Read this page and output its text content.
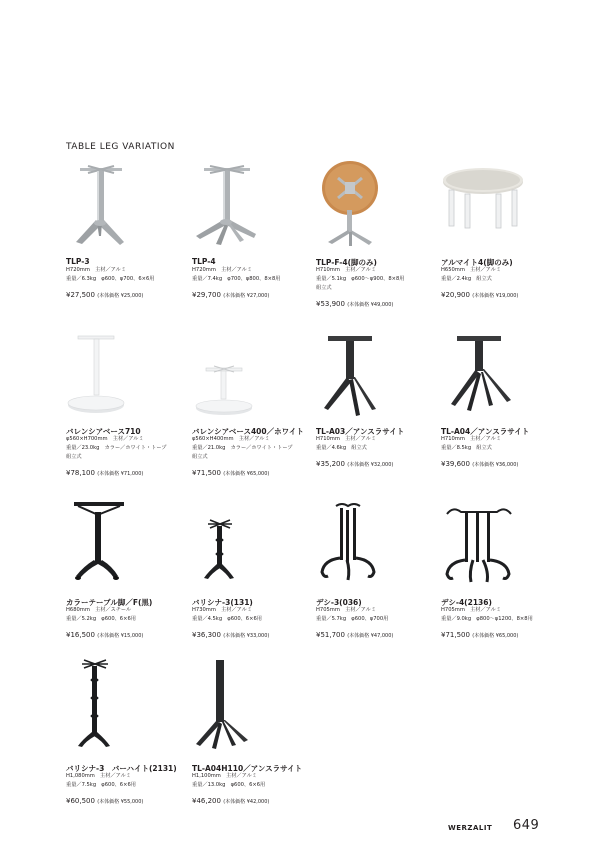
TABLE LEG VARIATION
TLP-3
H720mm　主材／アルミ
重量／6.3kg　φ600、φ700、6×6用
¥27,500 (本体価格 ¥25,000)
TLP-4
H720mm　主材／アルミ
重量／7.4kg　φ700、φ800、8×8用
¥29,700 (本体価格 ¥27,000)
TLP-F-4(脚のみ)
H710mm　主材／アルミ
重量／5.1kg　φ600〜φ900、8×8用
組立式
¥53,900 (本体価格 ¥49,000)
アルマイト4(脚のみ)
H650mm　主材／アルミ
重量／2.4kg　組立式
¥20,900 (本体価格 ¥19,000)
バレンシアベース710
φ560×H700mm　主材／アルミ
重量／23.0kg　カラー／ホワイト・トープ
組立式
¥78,100 (本体価格 ¥71,000)
バレンシアベース400／ホワイト
φ560×H400mm　主材／アルミ
重量／21.0kg　カラー／ホワイト・トープ
組立式
¥71,500 (本体価格 ¥65,000)
TL-A03／アンスラサイト
H710mm　主材／アルミ
重量／4.6kg　組立式
¥35,200 (本体価格 ¥32,000)
TL-A04／アンスラサイト
H710mm　主材／アルミ
重量／8.5kg　組立式
¥39,600 (本体価格 ¥36,000)
カラーテーブル脚／F(黒)
H680mm　主材／スチール
重量／5.2kg　φ600、6×6用
¥16,500 (本体価格 ¥15,000)
バリシナ-3(131)
H730mm　主材／アルミ
重量／4.5kg　φ600、6×6用
¥36,300 (本体価格 ¥33,000)
デシ-3(036)
H705mm　主材／アルミ
重量／5.7kg　φ600、φ700用
¥51,700 (本体価格 ¥47,000)
デシ-4(2136)
H705mm　主材／アルミ
重量／9.0kg　φ800〜φ1200、8×8用
¥71,500 (本体価格 ¥65,000)
バリシナ-3　バーハイト(2131)
H1,080mm　主材／アルミ
重量／7.5kg　φ600、6×6用
¥60,500 (本体価格 ¥55,000)
TL-A04H110／アンスラサイト
H1,100mm　主材／アルミ
重量／13.0kg　φ600、6×6用
¥46,200 (本体価格 ¥42,000)
WERZALIT 649
